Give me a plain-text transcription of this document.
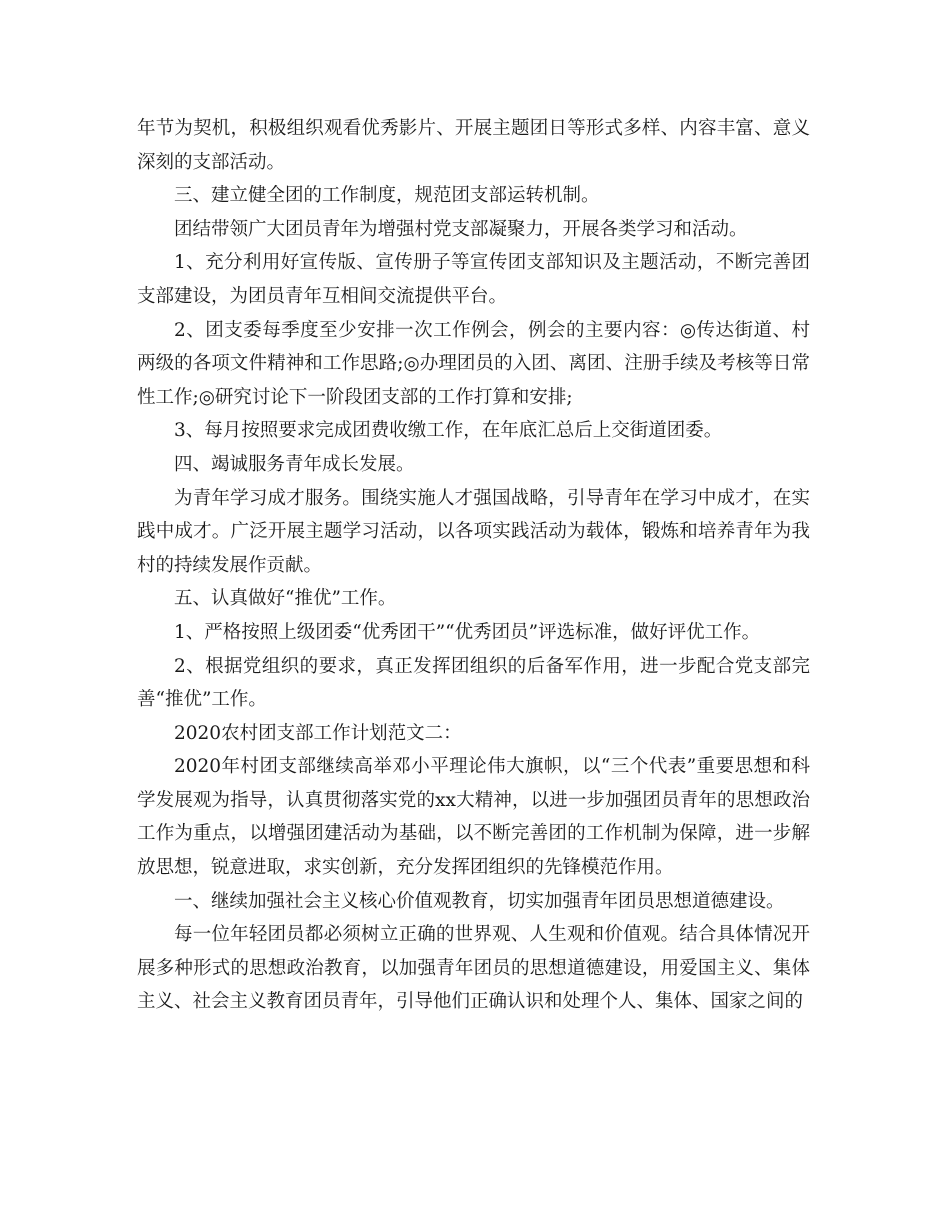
年节为契机，积极组织观看优秀影片、开展主题团日等形式多样、内容丰富、意义深刻的支部活动。

三、建立健全团的工作制度，规范团支部运转机制。

团结带领广大团员青年为增强村党支部凝聚力，开展各类学习和活动。

1、充分利用好宣传版、宣传册子等宣传团支部知识及主题活动，不断完善团支部建设，为团员青年互相间交流提供平台。

2、团支委每季度至少安排一次工作例会，例会的主要内容：◎传达街道、村两级的各项文件精神和工作思路;◎办理团员的入团、离团、注册手续及考核等日常性工作;◎研究讨论下一阶段团支部的工作打算和安排;

3、每月按照要求完成团费收缴工作，在年底汇总后上交街道团委。

四、竭诚服务青年成长发展。

为青年学习成才服务。围绕实施人才强国战略，引导青年在学习中成才，在实践中成才。广泛开展主题学习活动，以各项实践活动为载体，锻炼和培养青年为我村的持续发展作贡献。

五、认真做好“推优”工作。

1、严格按照上级团委“优秀团干”“优秀团员”评选标准，做好评优工作。

2、根据党组织的要求，真正发挥团组织的后备军作用，进一步配合党支部完善“推优”工作。

2020农村团支部工作计划范文二：

2020年村团支部继续高举邓小平理论伟大旗帜，以“三个代表”重要思想和科学发展观为指导，认真贯彻落实党的xx大精神，以进一步加强团员青年的思想政治工作为重点，以增强团建活动为基础，以不断完善团的工作机制为保障，进一步解放思想，锐意进取，求实创新，充分发挥团组织的先锋模范作用。

一、继续加强社会主义核心价值观教育，切实加强青年团员思想道德建设。

每一位年轻团员都必须树立正确的世界观、人生观和价值观。结合具体情况开展多种形式的思想政治教育，以加强青年团员的思想道德建设，用爱国主义、集体主义、社会主义教育团员青年，引导他们正确认识和处理个人、集体、国家之间的
